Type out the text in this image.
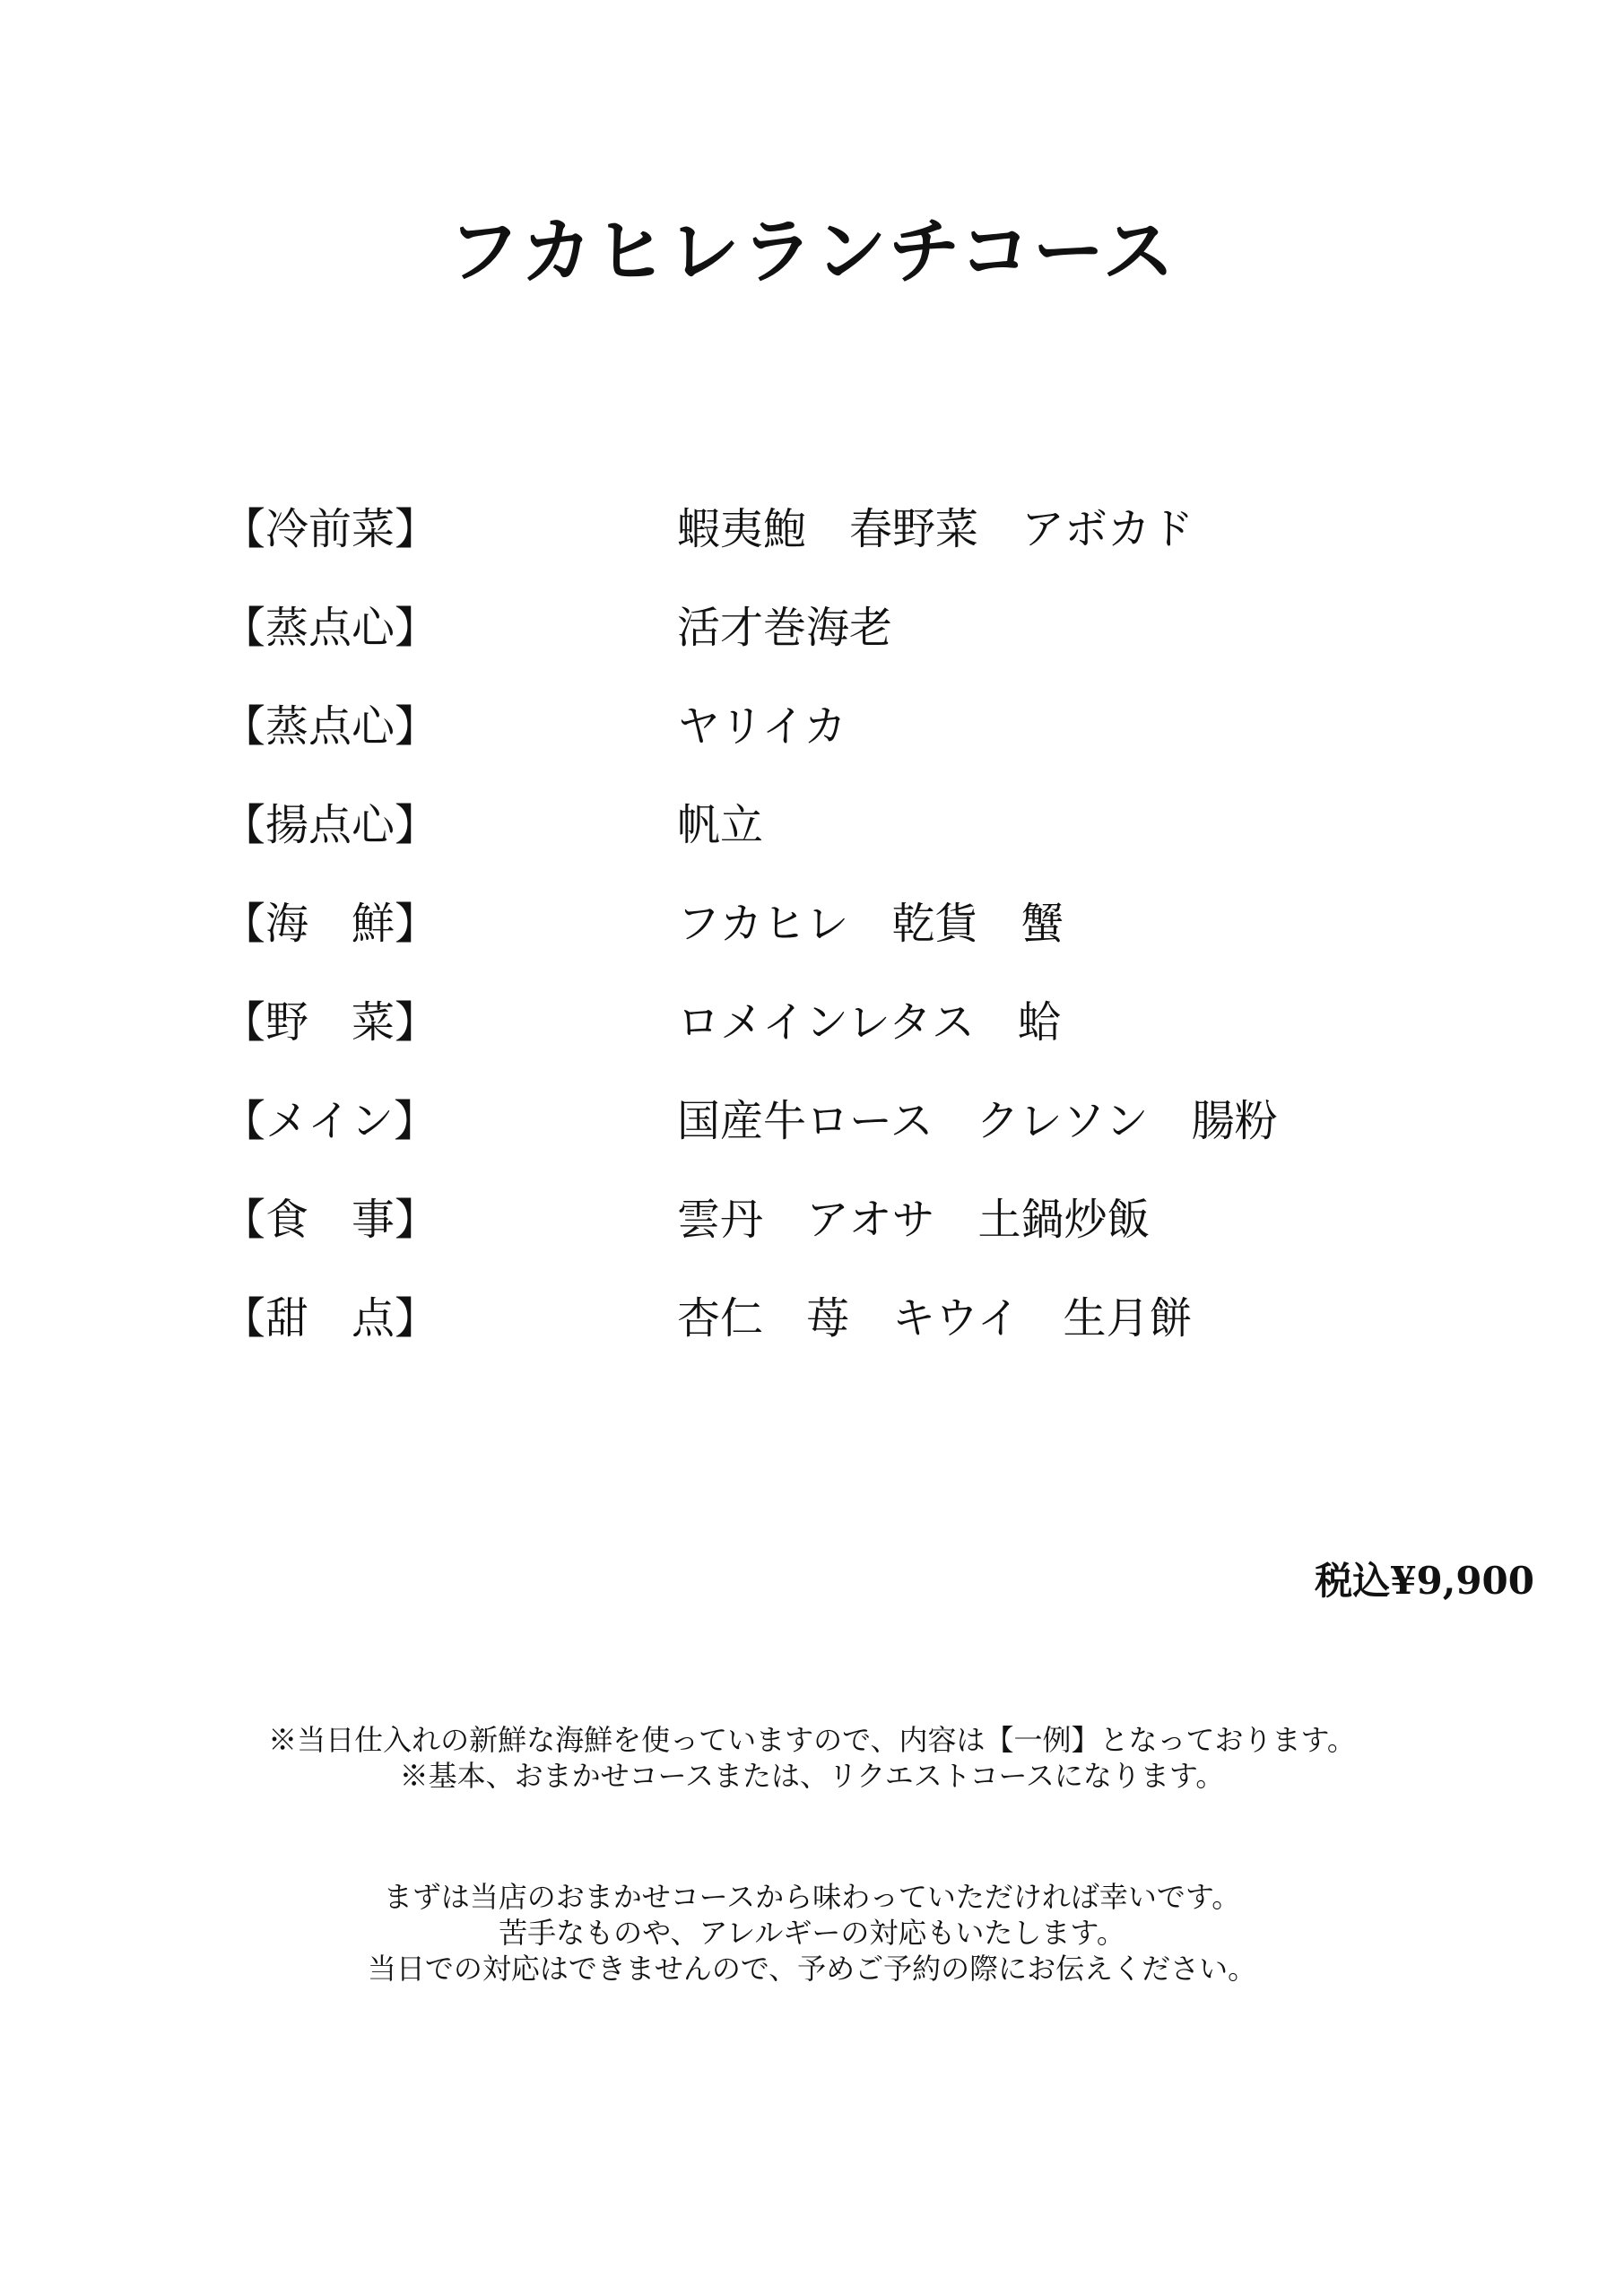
フカヒレランチコース
【冷前菜】	蝦夷鮑　春野菜　アボカド
【蒸点心】	活才巻海老
【蒸点心】	ヤリイカ
【揚点心】	帆立
【海　鮮】	フカヒレ　乾貨　蟹
【野　菜】	ロメインレタス　蛤
【メイン】	国産牛ロース　クレソン　腸粉
【食　事】	雲丹　アオサ　土鍋炒飯
【甜　点】	杏仁　苺　キウイ　生月餅
税込¥9,900
※当日仕入れの新鮮な海鮮を使っていますので、内容は【一例】となっております。
※基本、おまかせコースまたは、リクエストコースになります。
まずは当店のおまかせコースから味わっていただければ幸いです。
苦手なものや、アレルギーの対応もいたします。
当日での対応はできませんので、予めご予約の際にお伝えください。
